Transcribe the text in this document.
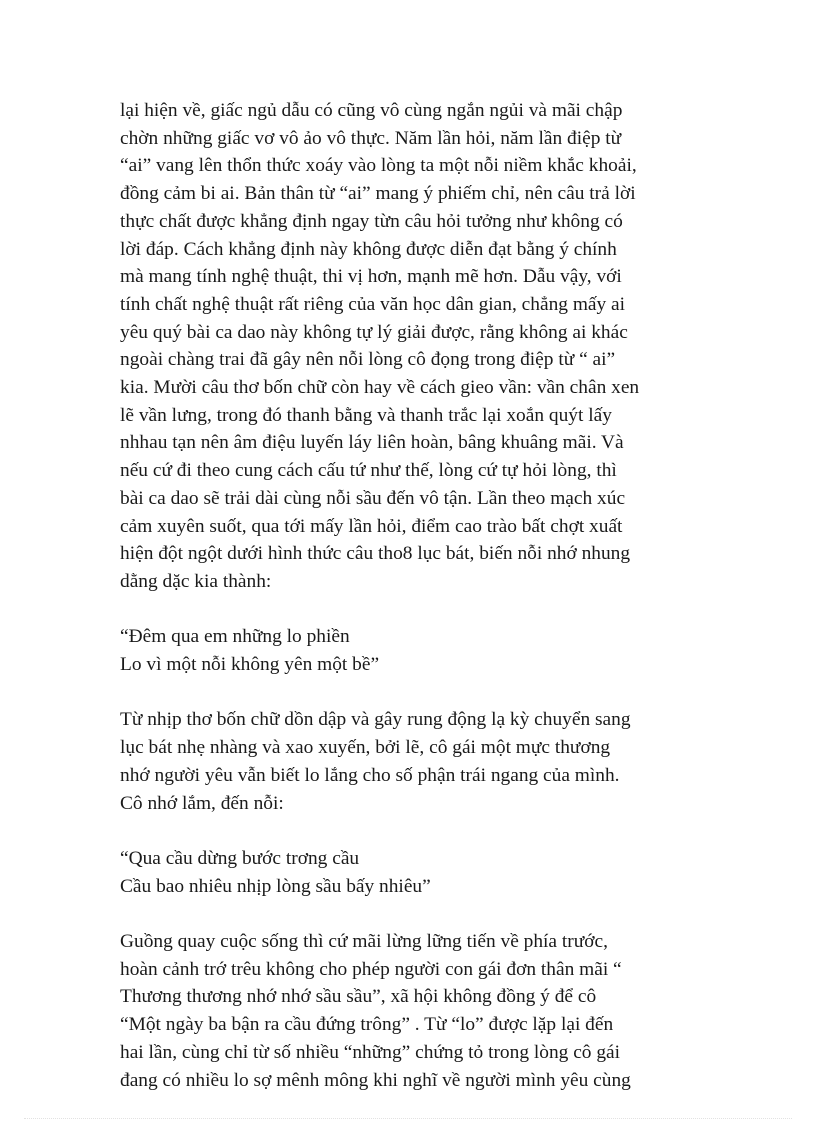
lại hiện về, giấc ngủ dẫu có cũng vô cùng ngắn ngủi và mãi chập
chờn những giấc vơ vô ảo vô thực. Năm lần hỏi, năm lần điệp từ
“ai” vang lên thổn thức xoáy vào lòng ta một nỗi niềm khắc khoải,
đồng cảm bi ai. Bản thân từ “ai” mang ý phiếm chỉ, nên câu trả lời
thực chất được khẳng định ngay từn câu hỏi tưởng như không có
lời đáp. Cách khẳng định này không được diễn đạt bằng ý chính
mà mang tính nghệ thuật, thi vị hơn, mạnh mẽ hơn. Dẫu vậy, với
tính chất nghệ thuật rất riêng của văn học dân gian, chẳng mấy ai
yêu quý bài ca dao này không tự lý giải được, rằng không ai khác
ngoài chàng trai đã gây nên nỗi lòng cô đọng trong điệp từ “ ai”
kia. Mười câu thơ bốn chữ còn hay về cách gieo vần: vần chân xen
lẽ vần lưng, trong đó thanh bằng và thanh trắc lại xoắn quýt lấy
nhhau tạn nên âm điệu luyến láy liên hoàn, bâng khuâng mãi. Và
nếu cứ đi theo cung cách cấu tứ như thế, lòng cứ tự hỏi lòng, thì
bài ca dao sẽ trải dài cùng nỗi sầu đến vô tận. Lần theo mạch xúc
cảm xuyên suốt, qua tới mấy lần hỏi, điểm cao trào bất chợt xuất
hiện đột ngột dưới hình thức câu tho8 lục bát, biến nỗi nhớ nhung
dằng dặc kia thành:

“Đêm qua em những lo phiền
Lo vì một nỗi không yên một bề”

Từ nhịp thơ bốn chữ dồn dập và gây rung động lạ kỳ chuyển sang
lục bát nhẹ nhàng và xao xuyến, bởi lẽ, cô gái một mực thương
nhớ người yêu vẫn biết lo lắng cho số phận trái ngang của mình.
Cô nhớ lắm, đến nỗi:

“Qua cầu dừng bước trơng cầu
Cầu bao nhiêu nhịp lòng sầu bấy nhiêu”

Guồng quay cuộc sống thì cứ mãi lừng lững tiến về phía trước,
hoàn cảnh trớ trêu không cho phép người con gái đơn thân mãi “
Thương thương nhớ nhớ sầu sầu”, xã hội không đồng ý để cô
“Một ngày ba bận ra cầu đứng trông” . Từ “lo” được lặp lại đến
hai lần, cùng chỉ từ số nhiều “những” chứng tỏ trong lòng cô gái
đang có nhiều lo sợ mênh mông khi nghĩ về người mình yêu cùng
